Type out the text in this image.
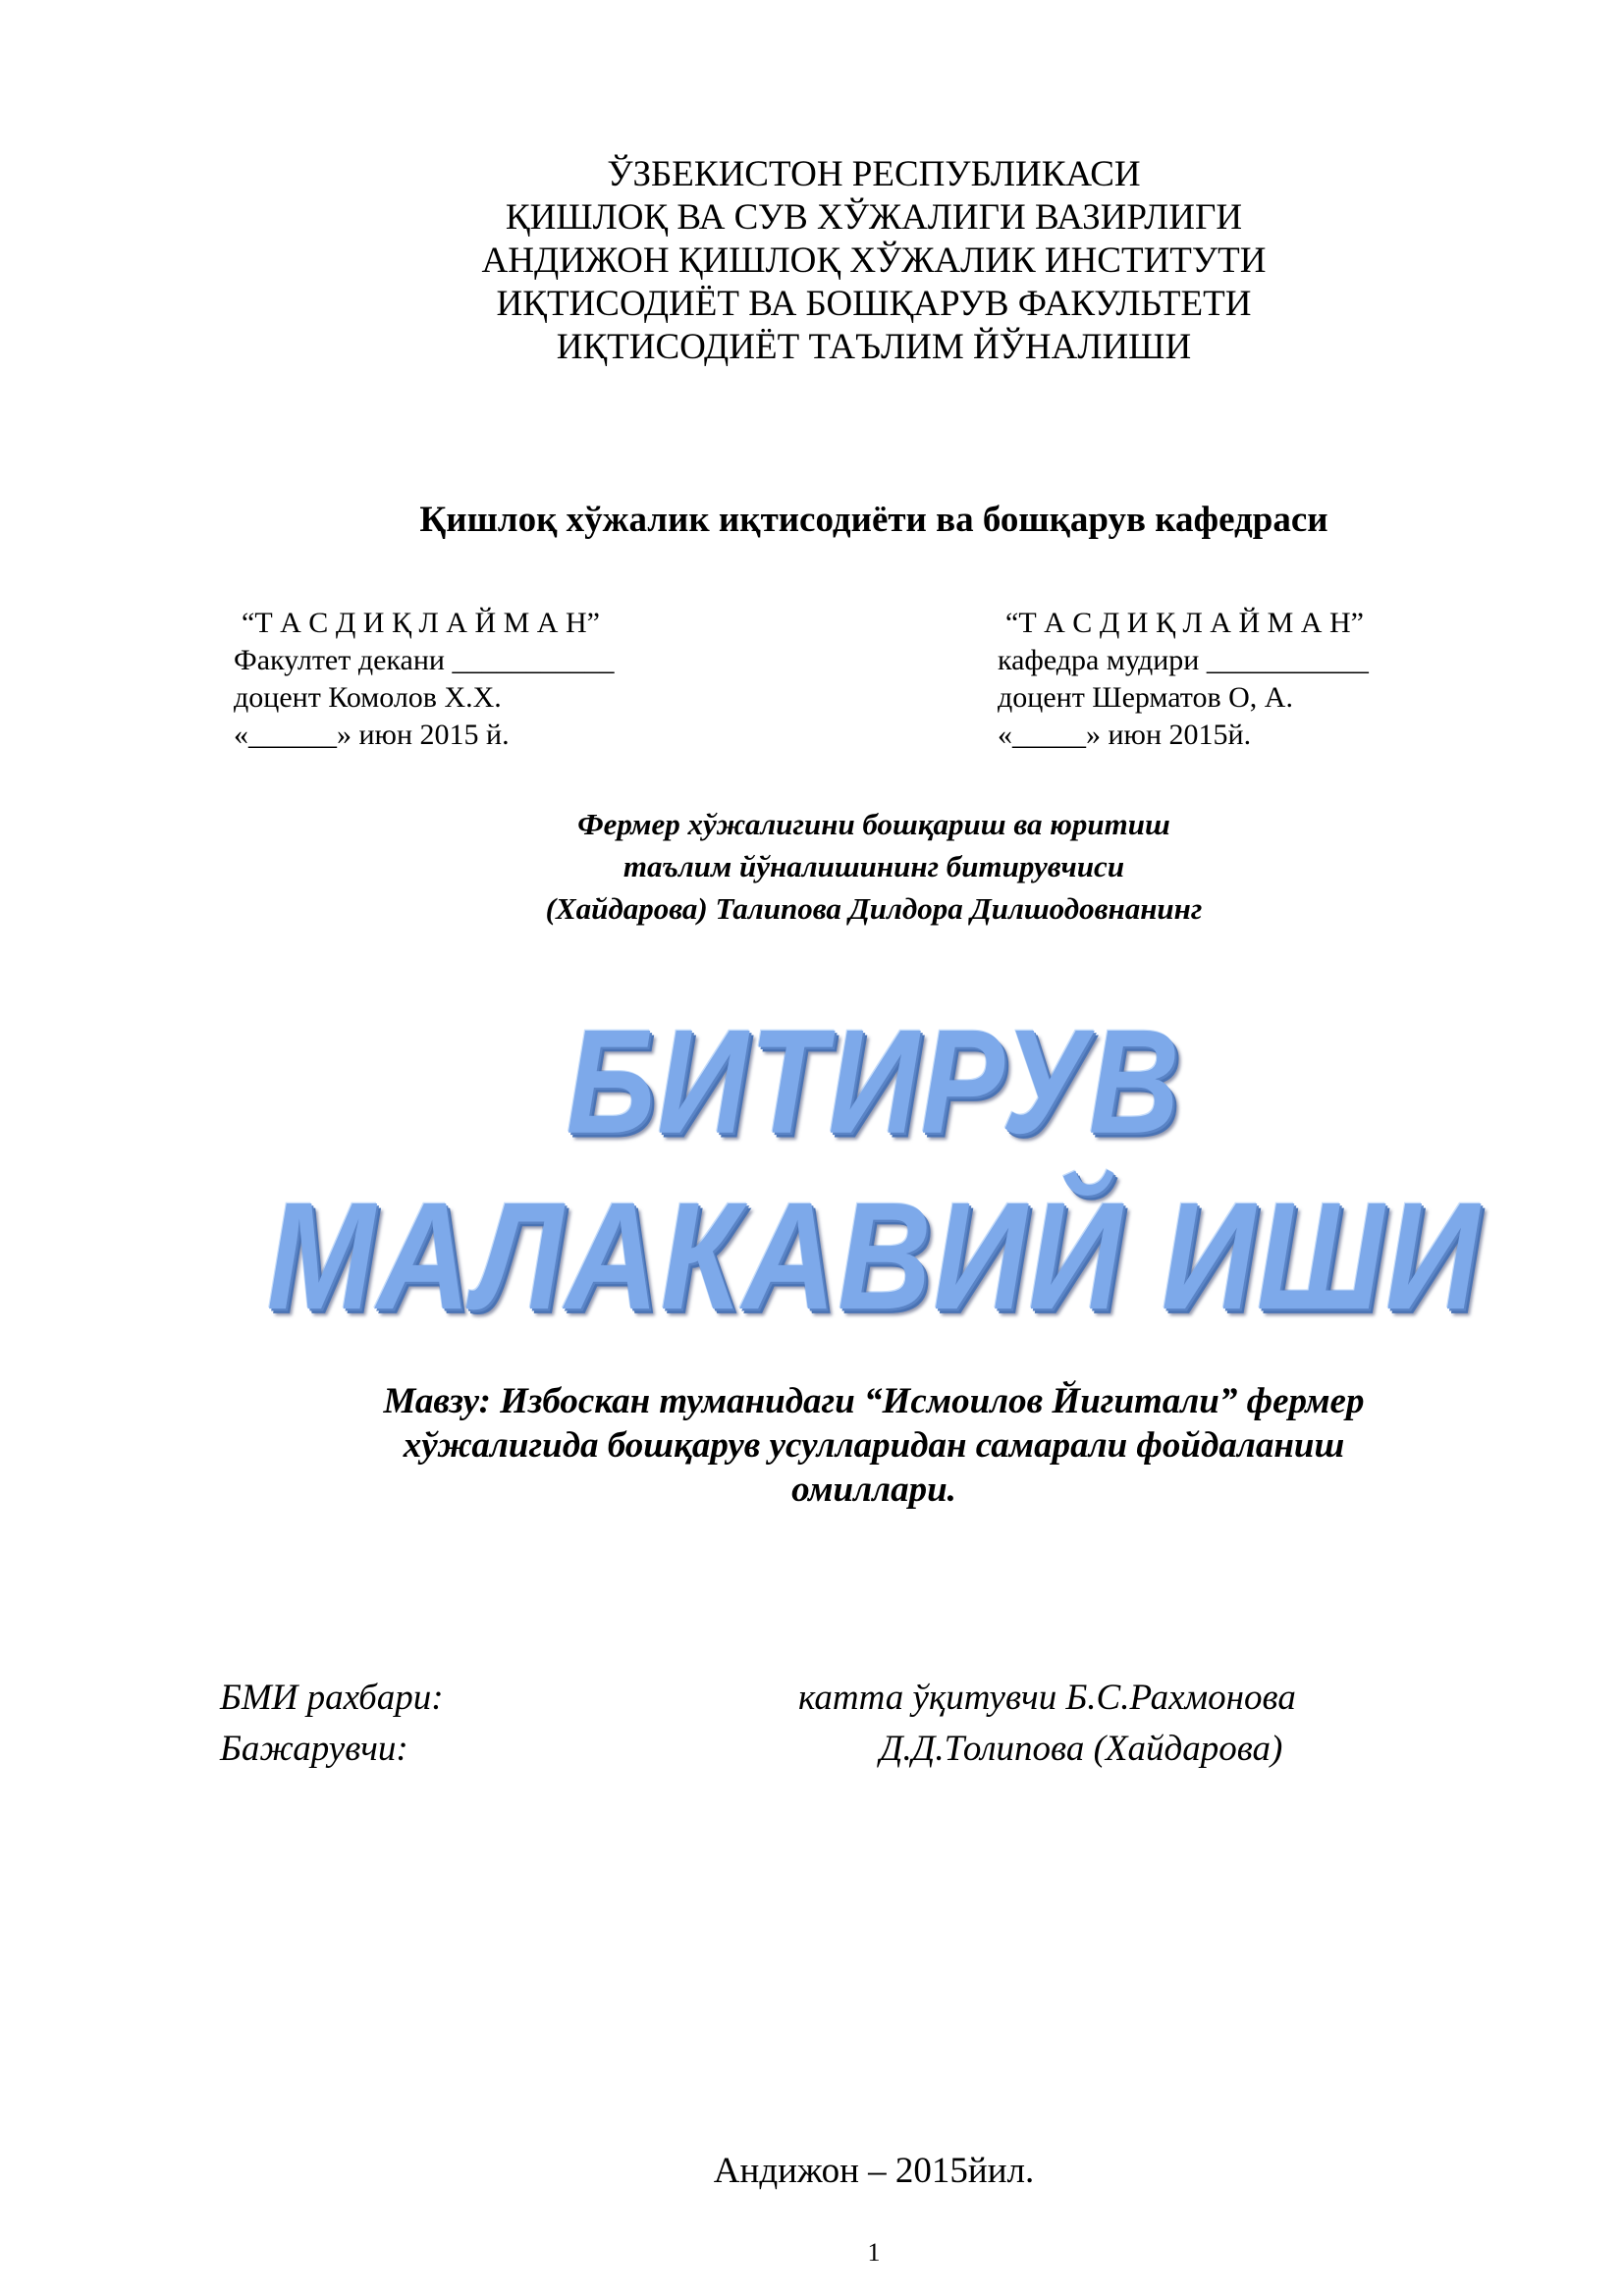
ЎЗБЕКИСТОН РЕСПУБЛИКАСИ
ҚИШЛОҚ ВА СУВ ХЎЖАЛИГИ ВАЗИРЛИГИ
АНДИЖОН ҚИШЛОҚ ХЎЖАЛИК ИНСТИТУТИ
ИҚТИСОДИЁТ ВА БОШҚАРУВ ФАКУЛЬТЕТИ
ИҚТИСОДИЁТ ТАЪЛИМ ЙЎНАЛИШИ
Қишлоқ хўжалик иқтисодиёти ва бошқарув кафедраси
“Т А С Д И Қ Л А Й М А Н”
Факултет декани ___________
доцент Комолов Х.Х.
«______» июн 2015 й.
“Т А С Д И Қ Л А Й М А Н”
кафедра мудири ___________
доцент Шерматов О, А.
«_____» июн 2015й.
Фермер хўжалигини бошқариш ва юритиш
таълим йўналишининг битирувчиси
(Хайдарова) Талипова Дилдора Дилшодовнанинг
БИТИРУВ
МАЛАКАВИЙ ИШИ
Мавзу: Избоскан туманидаги “Исмоилов Йигитали” фермер
хўжалигида бошқарув усулларидан самарали фойдаланиш
омиллари.
БМИ рахбари:	катта ўқитувчи Б.С.Рахмонова
Бажарувчи:	Д.Д.Толипова (Хайдарова)
Андижон – 2015йил.
1
